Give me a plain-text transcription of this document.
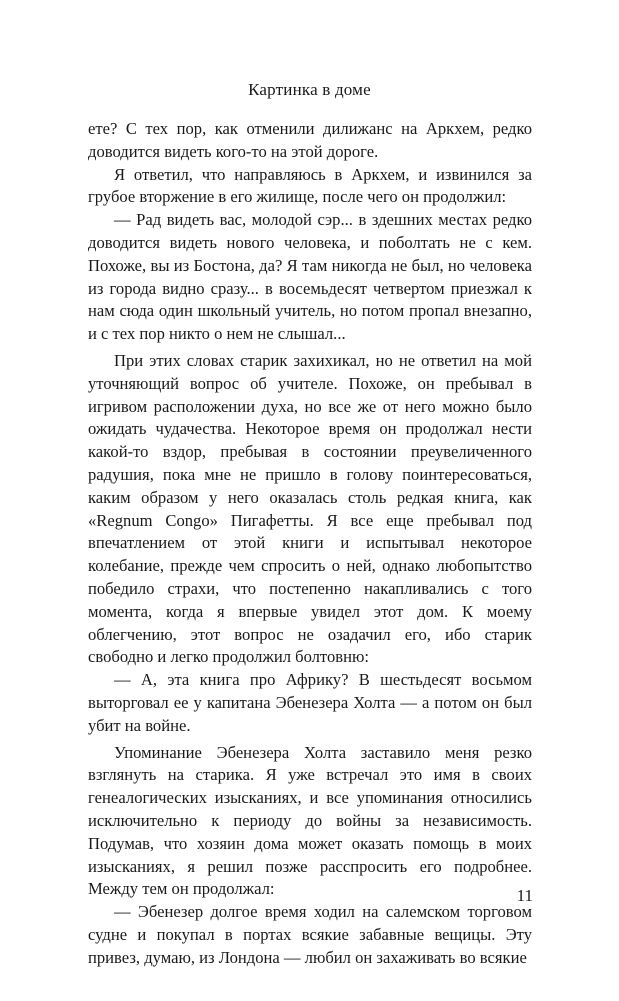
Картинка в доме

ете? С тех пор, как отменили дилижанс на Аркхем, редко доводится видеть кого-то на этой дороге.

Я ответил, что направляюсь в Аркхем, и извинился за грубое вторжение в его жилище, после чего он продолжил:

— Рад видеть вас, молодой сэр... в здешних местах редко доводится видеть нового человека, и поболтать не с кем. Похоже, вы из Бостона, да? Я там никогда не был, но человека из города видно сразу... в восемьдесят четвертом приезжал к нам сюда один школьный учитель, но потом пропал внезапно, и с тех пор никто о нем не слышал...

При этих словах старик захихикал, но не ответил на мой уточняющий вопрос об учителе. Похоже, он пребывал в игривом расположении духа, но все же от него можно было ожидать чудачества. Некоторое время он продолжал нести какой-то вздор, пребывая в состоянии преувеличенного радушия, пока мне не пришло в голову поинтересоваться, каким образом у него оказалась столь редкая книга, как «Regnum Congo» Пигафетты. Я все еще пребывал под впечатлением от этой книги и испытывал некоторое колебание, прежде чем спросить о ней, однако любопытство победило страхи, что постепенно накапливались с того момента, когда я впервые увидел этот дом. К моему облегчению, этот вопрос не озадачил его, ибо старик свободно и легко продолжил болтовню:

— А, эта книга про Африку? В шестьдесят восьмом выторговал ее у капитана Эбенезера Холта — а потом он был убит на войне.

Упоминание Эбенезера Холта заставило меня резко взглянуть на старика. Я уже встречал это имя в своих генеалогических изысканиях, и все упоминания относились исключительно к периоду до войны за независимость. Подумав, что хозяин дома может оказать помощь в моих изысканиях, я решил позже расспросить его подробнее. Между тем он продолжал:

— Эбенезер долгое время ходил на салемском торговом судне и покупал в портах всякие забавные вещицы. Эту привез, думаю, из Лондона — любил он захаживать во всякие

11
